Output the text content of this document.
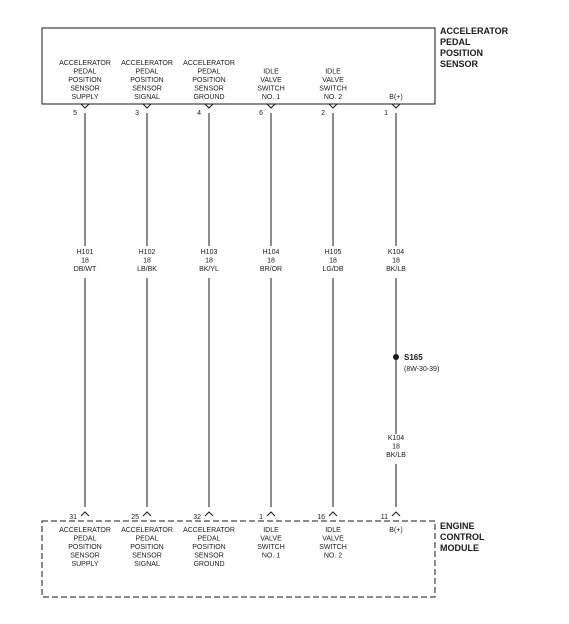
ACCELERATOR
PEDAL
POSITION
SENSOR
ENGINE
CONTROL
MODULE
ACCELERATOR
PEDAL
POSITION
SENSOR
SUPPLY
ACCELERATOR
PEDAL
POSITION
SENSOR
SUPPLY
5
31
H101
18
DB/WT
ACCELERATOR
PEDAL
POSITION
SENSOR
SIGNAL
ACCELERATOR
PEDAL
POSITION
SENSOR
SIGNAL
3
25
H102
18
LB/BK
ACCELERATOR
PEDAL
POSITION
SENSOR
GROUND
ACCELERATOR
PEDAL
POSITION
SENSOR
GROUND
4
32
H103
18
BK/YL
IDLE
VALVE
SWITCH
NO. 1
IDLE
VALVE
SWITCH
NO. 1
6
1
H104
18
BR/OR
IDLE
VALVE
SWITCH
NO. 2
IDLE
VALVE
SWITCH
NO. 2
2
16
H105
18
LG/DB
B(+)
B(+)
1
11
K104
18
BK/LB
S165
(8W-30-39)
K104
18
BK/LB
